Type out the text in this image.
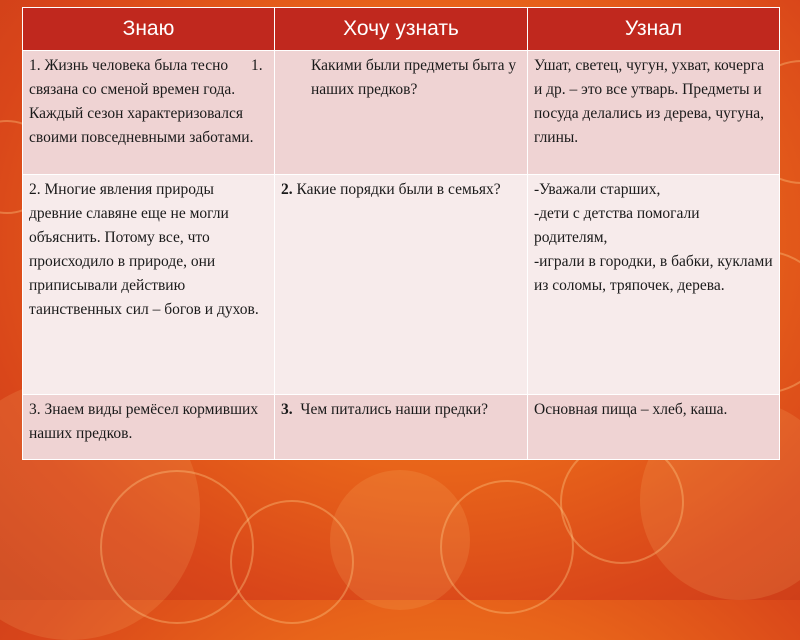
Знаю	Хочу узнать	Узнал
1. Жизнь человека была тесно связана со сменой времен года. Каждый сезон характеризовался своими повседневными заботами.	1. Какими были предметы быта у наших предков?	Ушат, светец, чугун, ухват, кочерга и др. – это все утварь. Предметы и посуда делались из дерева, чугуна, глины.
2. Многие явления природы древние славяне еще не могли объяснить. Потому все, что происходило в природе, они приписывали действию таинственных сил – богов и духов.	2. Какие порядки были в семьях?	-Уважали старших,
-дети с детства помогали родителям,
-играли в городки, в бабки, куклами из соломы, тряпочек, дерева.

3. Знаем виды ремёсел кормивших наших предков.	3. Чем питались наши предки?	Основная пища – хлеб, каша.
